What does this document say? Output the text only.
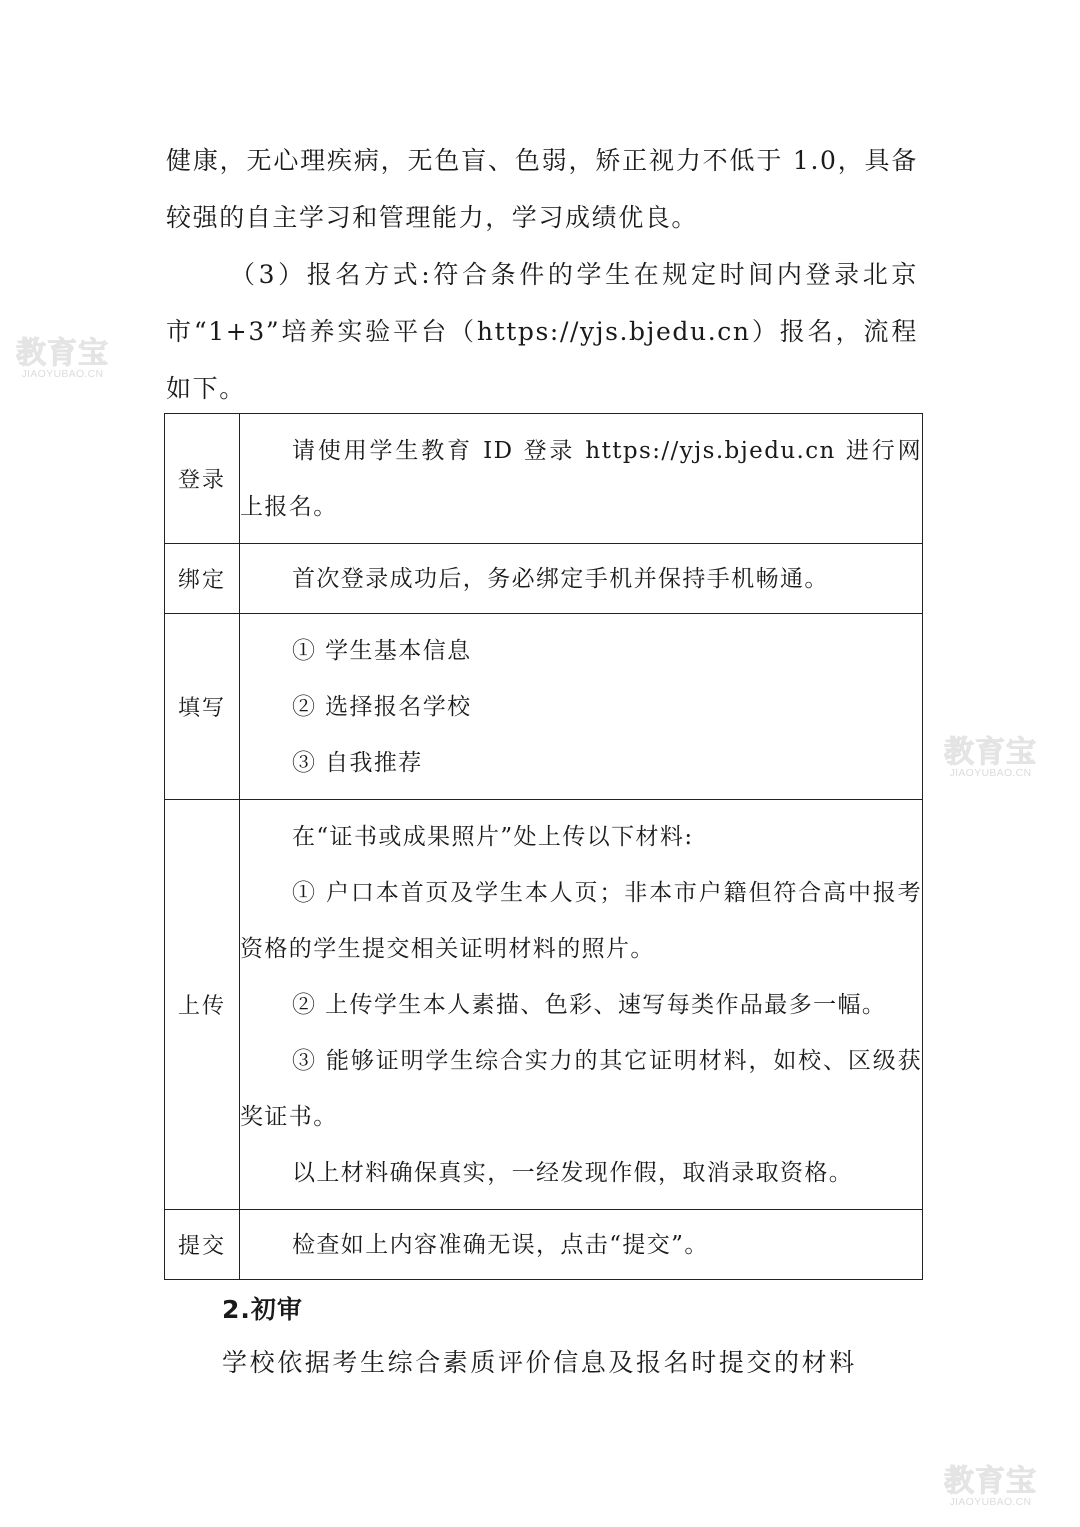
健康，无心理疾病，无色盲、色弱，矫正视力不低于 1.0，具备较强的自主学习和管理能力，学习成绩优良。
（3）报名方式:符合条件的学生在规定时间内登录北京市“1+3”培养实验平台（https://yjs.bjedu.cn）报名，流程如下。
登录	请使用学生教育 ID 登录 https://yjs.bjedu.cn 进行网上报名。

绑定	首次登录成功后，务必绑定手机并保持手机畅通。

填写	① 学生基本信息
② 选择报名学校
③ 自我推荐

上传	在“证书或成果照片”处上传以下材料:
① 户口本首页及学生本人页；非本市户籍但符合高中报考资格的学生提交相关证明材料的照片。
② 上传学生本人素描、色彩、速写每类作品最多一幅。
③ 能够证明学生综合实力的其它证明材料，如校、区级获奖证书。
以上材料确保真实，一经发现作假，取消录取资格。

提交	检查如上内容准确无误，点击“提交”。
2.初审
学校依据考生综合素质评价信息及报名时提交的材料
教育宝
JIAOYUBAO.CN
教育宝
JIAOYUBAO.CN
教育宝
JIAOYUBAO.CN
